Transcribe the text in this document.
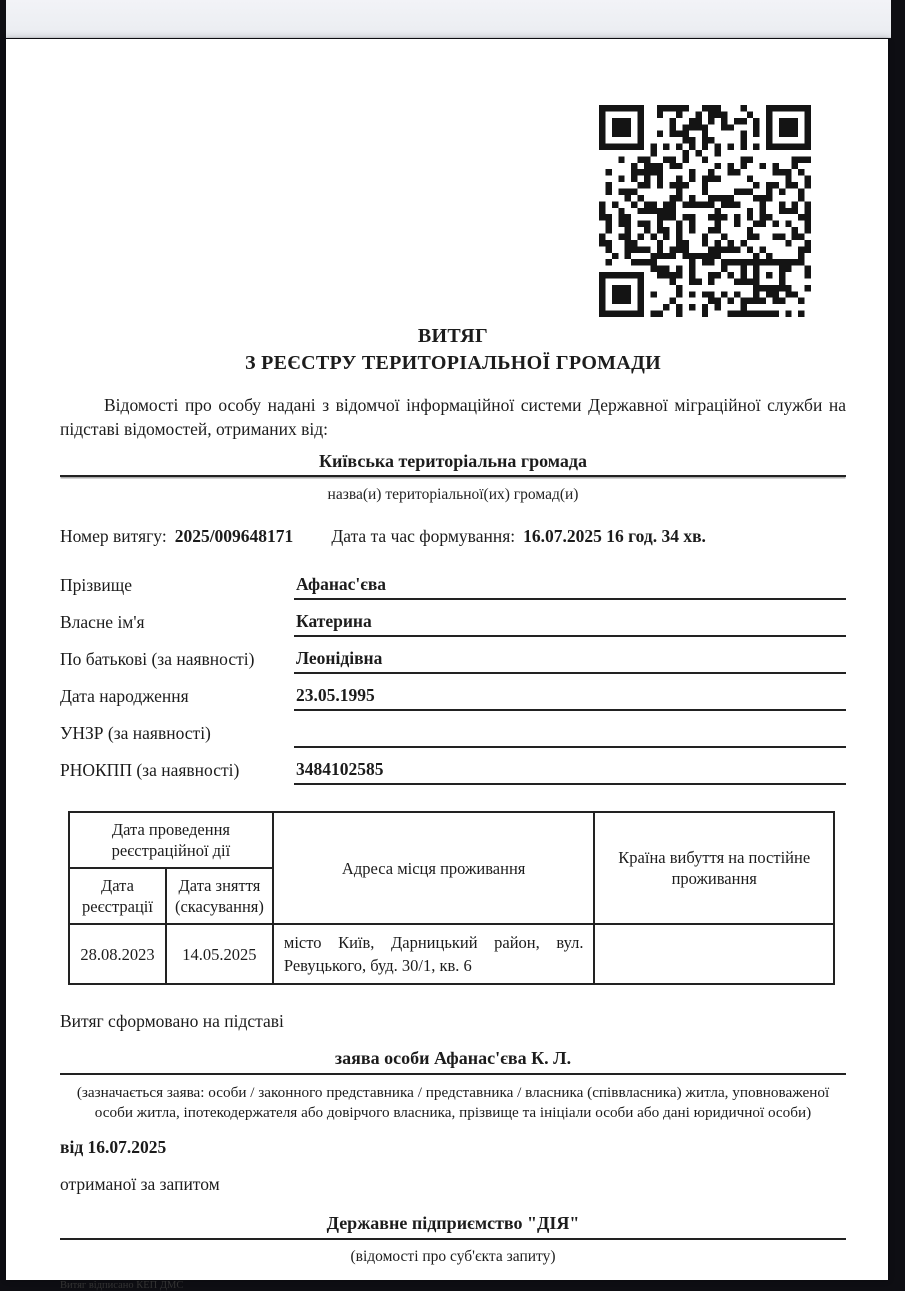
ВИТЯГ
З РЕЄСТРУ ТЕРИТОРІАЛЬНОЇ ГРОМАДИ

Відомості про особу надані з відомчої інформаційної системи Державної міграційної служби на підставі відомостей, отриманих від:

Київська територіальна громада
назва(и) територіальної(их) громад(и)
Номер витягу: 2025/009648171 Дата та час формування: 16.07.2025 16 год. 34 хв.
Прізвище	Афанас'єва
Власне ім'я	Катерина
По батькові (за наявності)	Леонідівна
Дата народження	23.05.1995
УНЗР (за наявності)
РНОКПП (за наявності)	3484102585
Дата проведення реєстраційної дії		Адреса місця проживання	Країна вибуття на постійне проживання
Дата реєстрації	Дата зняття (скасування)		
28.08.2023	14.05.2025	місто Київ, Дарницький район, вул. Ревуцького, буд. 30/1, кв. 6	
Витяг сформовано на підставі
заява особи Афанас'єва К. Л.
(зазначається заява: особи / законного представника / представника / власника (співвласника) житла, уповноваженої особи житла, іпотекодержателя або довірчого власника, прізвище та ініціали особи або дані юридичної особи)
від 16.07.2025
отриманої за запитом
Державне підприємство "ДІЯ"
(відомості про суб'єкта запиту)
Витяг відписано КЕП ДМС
